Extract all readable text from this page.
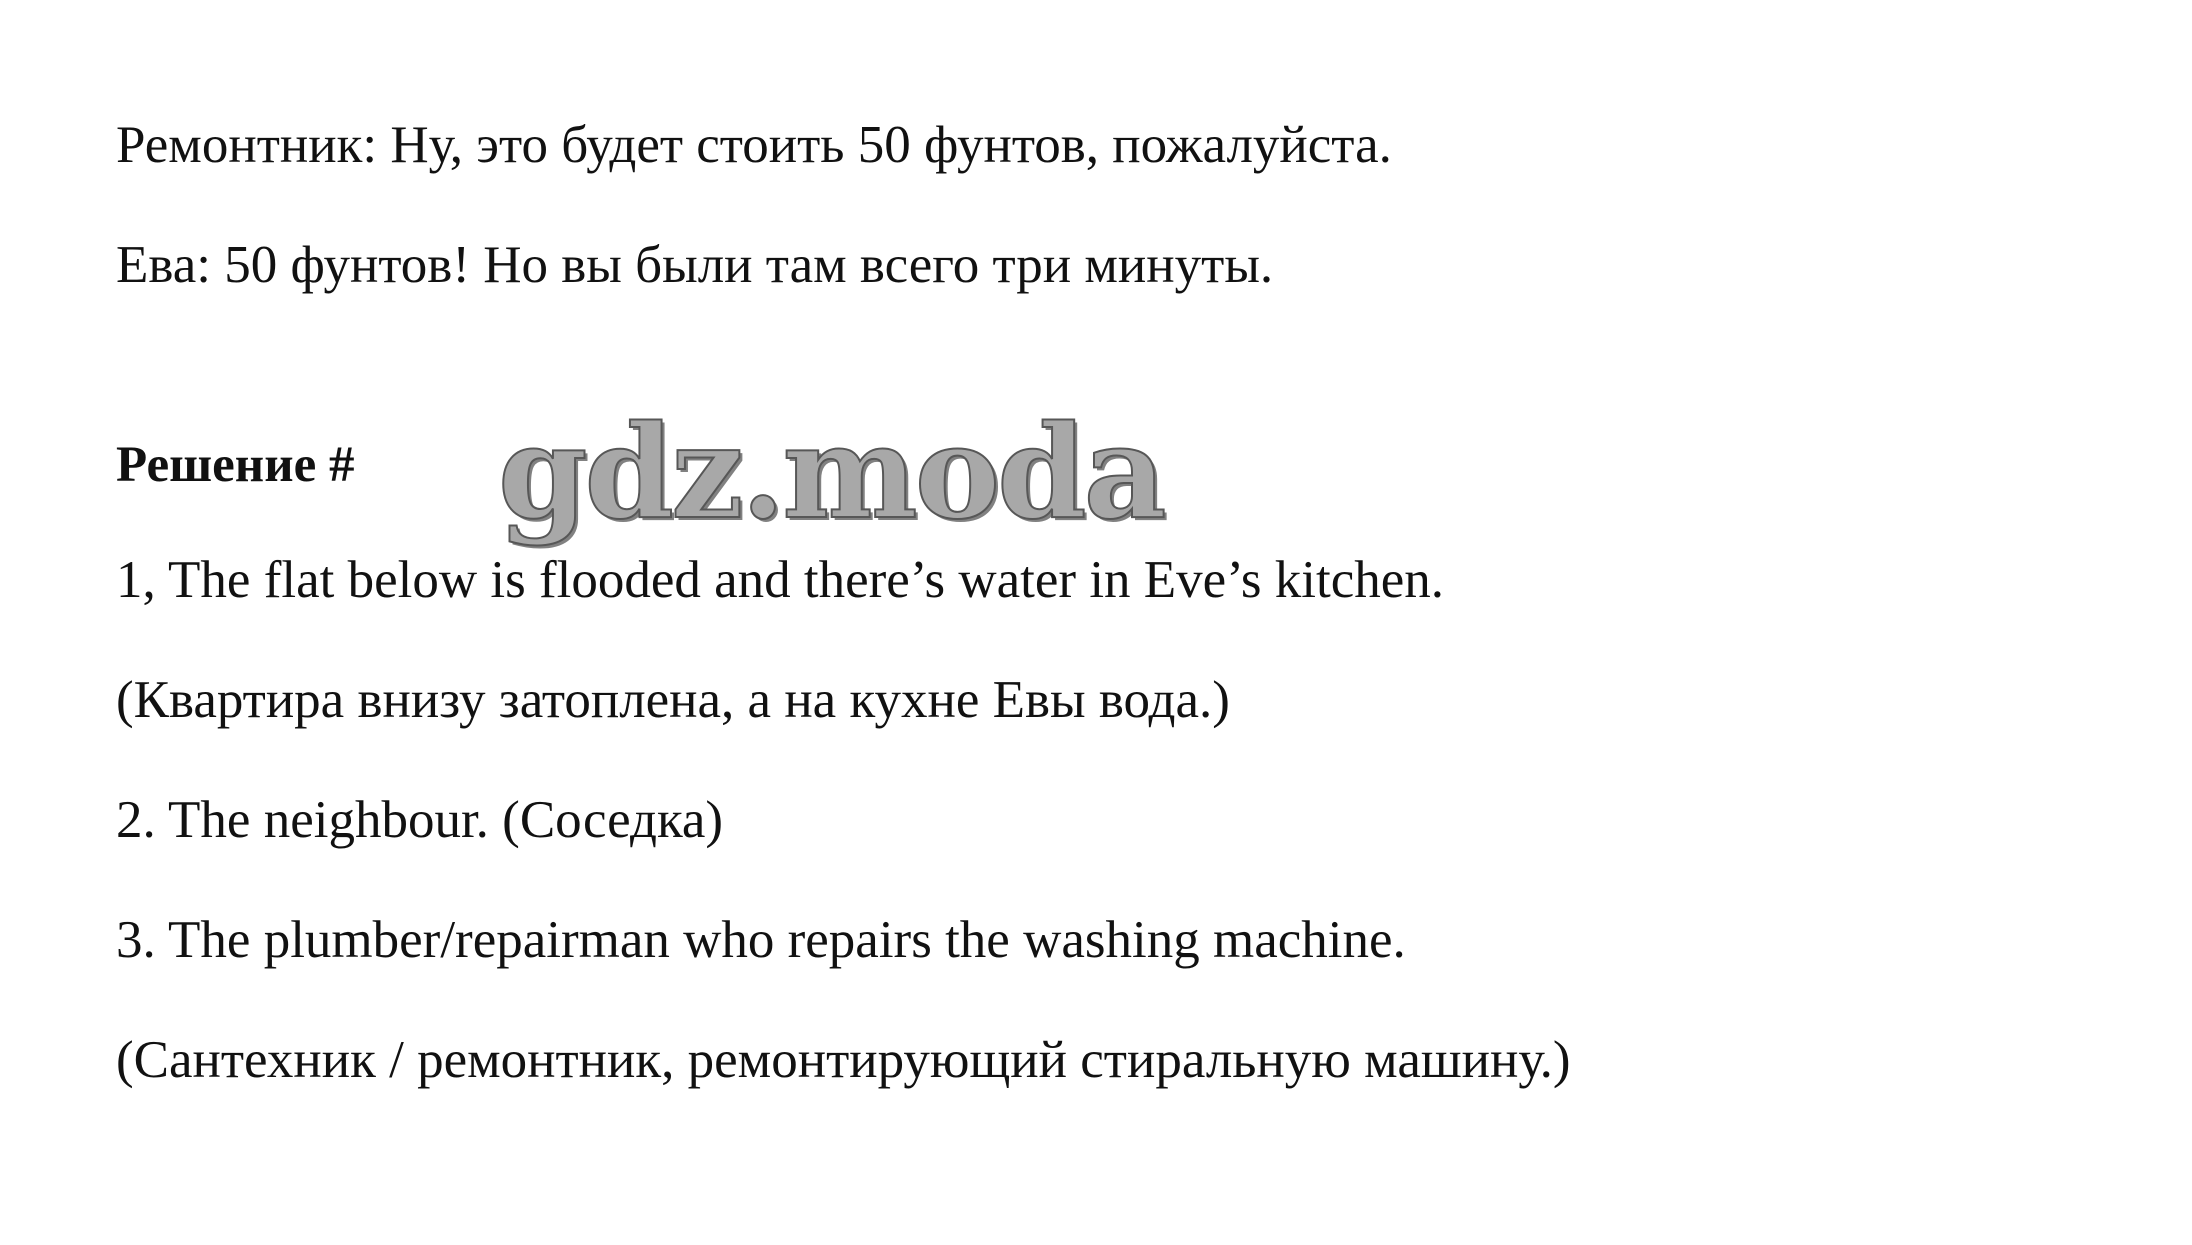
Ремонтник: Ну, это будет стоить 50 фунтов, пожалуйста.

Ева: 50 фунтов! Но вы были там всего три минуты.

Решение # gdz.moda

1, The flat below is flooded and there’s water in Eve’s kitchen.

(Квартира внизу затоплена, а на кухне Евы вода.)

2. The neighbour. (Соседка)

3. The plumber/repairman who repairs the washing machine.

(Сантехник / ремонтник, ремонтирующий стиральную машину.)
